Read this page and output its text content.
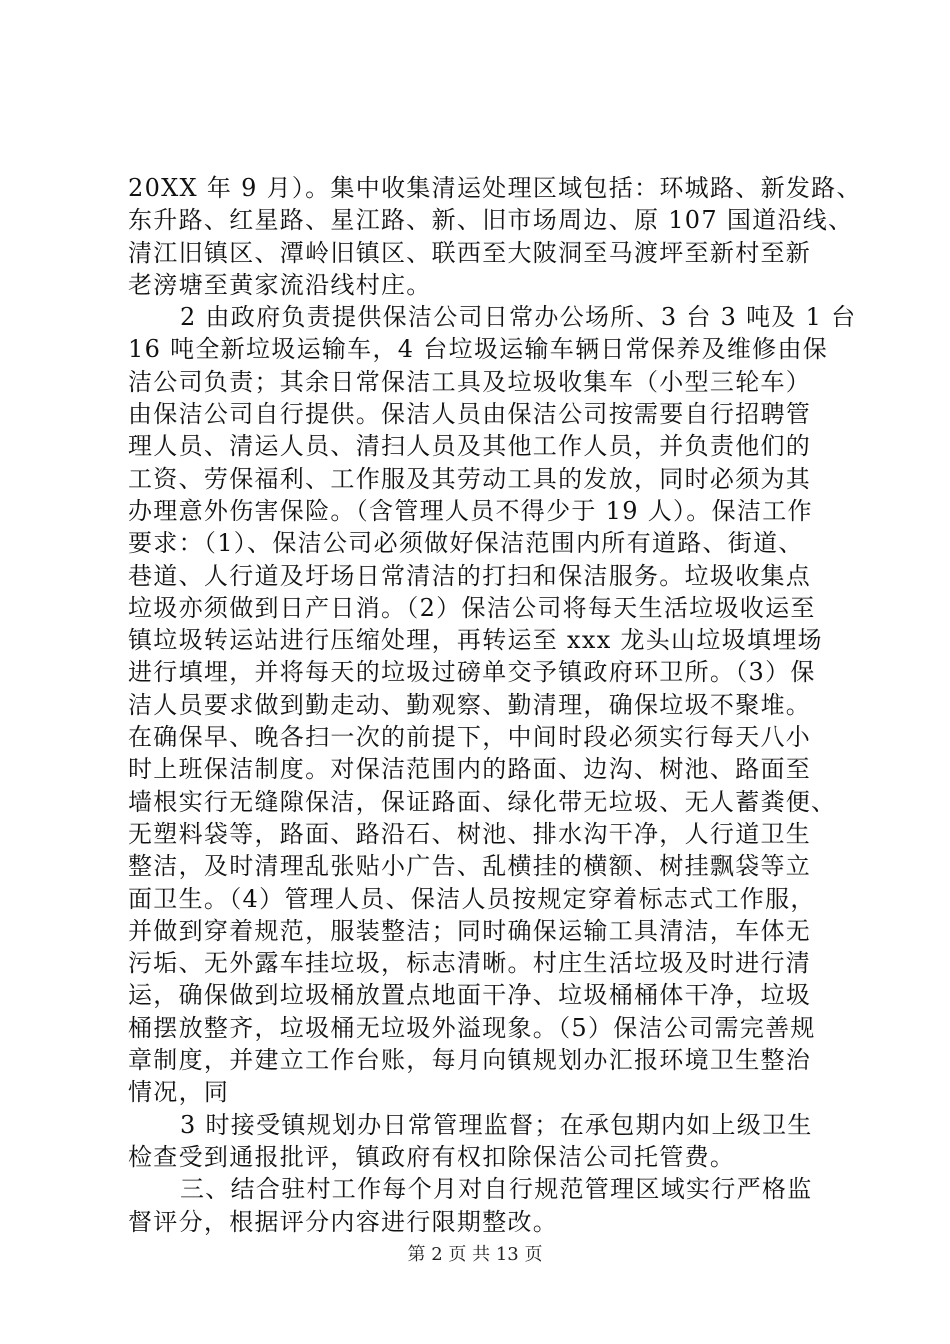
20XX 年 9 月）。集中收集清运处理区域包括：环城路、新发路、
东升路、红星路、星江路、新、旧市场周边、原 107 国道沿线、
清江旧镇区、潭岭旧镇区、联西至大陂洞至马渡坪至新村至新
老滂塘至黄家流沿线村庄。
2 由政府负责提供保洁公司日常办公场所、3 台 3 吨及 1 台
16 吨全新垃圾运输车，4 台垃圾运输车辆日常保养及维修由保
洁公司负责；其余日常保洁工具及垃圾收集车（小型三轮车）
由保洁公司自行提供。保洁人员由保洁公司按需要自行招聘管
理人员、清运人员、清扫人员及其他工作人员，并负责他们的
工资、劳保福利、工作服及其劳动工具的发放，同时必须为其
办理意外伤害保险。（含管理人员不得少于 19 人）。保洁工作
要求：（1）、保洁公司必须做好保洁范围内所有道路、街道、
巷道、人行道及圩场日常清洁的打扫和保洁服务。垃圾收集点
垃圾亦须做到日产日消。（2）保洁公司将每天生活垃圾收运至
镇垃圾转运站进行压缩处理，再转运至 xxx 龙头山垃圾填埋场
进行填埋，并将每天的垃圾过磅单交予镇政府环卫所。（3）保
洁人员要求做到勤走动、勤观察、勤清理，确保垃圾不聚堆。
在确保早、晚各扫一次的前提下，中间时段必须实行每天八小
时上班保洁制度。对保洁范围内的路面、边沟、树池、路面至
墙根实行无缝隙保洁，保证路面、绿化带无垃圾、无人蓄粪便、
无塑料袋等，路面、路沿石、树池、排水沟干净，人行道卫生
整洁，及时清理乱张贴小广告、乱横挂的横额、树挂飘袋等立
面卫生。（4）管理人员、保洁人员按规定穿着标志式工作服，
并做到穿着规范，服装整洁；同时确保运输工具清洁，车体无
污垢、无外露车挂垃圾，标志清晰。村庄生活垃圾及时进行清
运，确保做到垃圾桶放置点地面干净、垃圾桶桶体干净，垃圾
桶摆放整齐，垃圾桶无垃圾外溢现象。（5）保洁公司需完善规
章制度，并建立工作台账，每月向镇规划办汇报环境卫生整治
情况，同
3 时接受镇规划办日常管理监督；在承包期内如上级卫生
检查受到通报批评，镇政府有权扣除保洁公司托管费。
三、结合驻村工作每个月对自行规范管理区域实行严格监
督评分，根据评分内容进行限期整改。
第 2 页 共 13 页
